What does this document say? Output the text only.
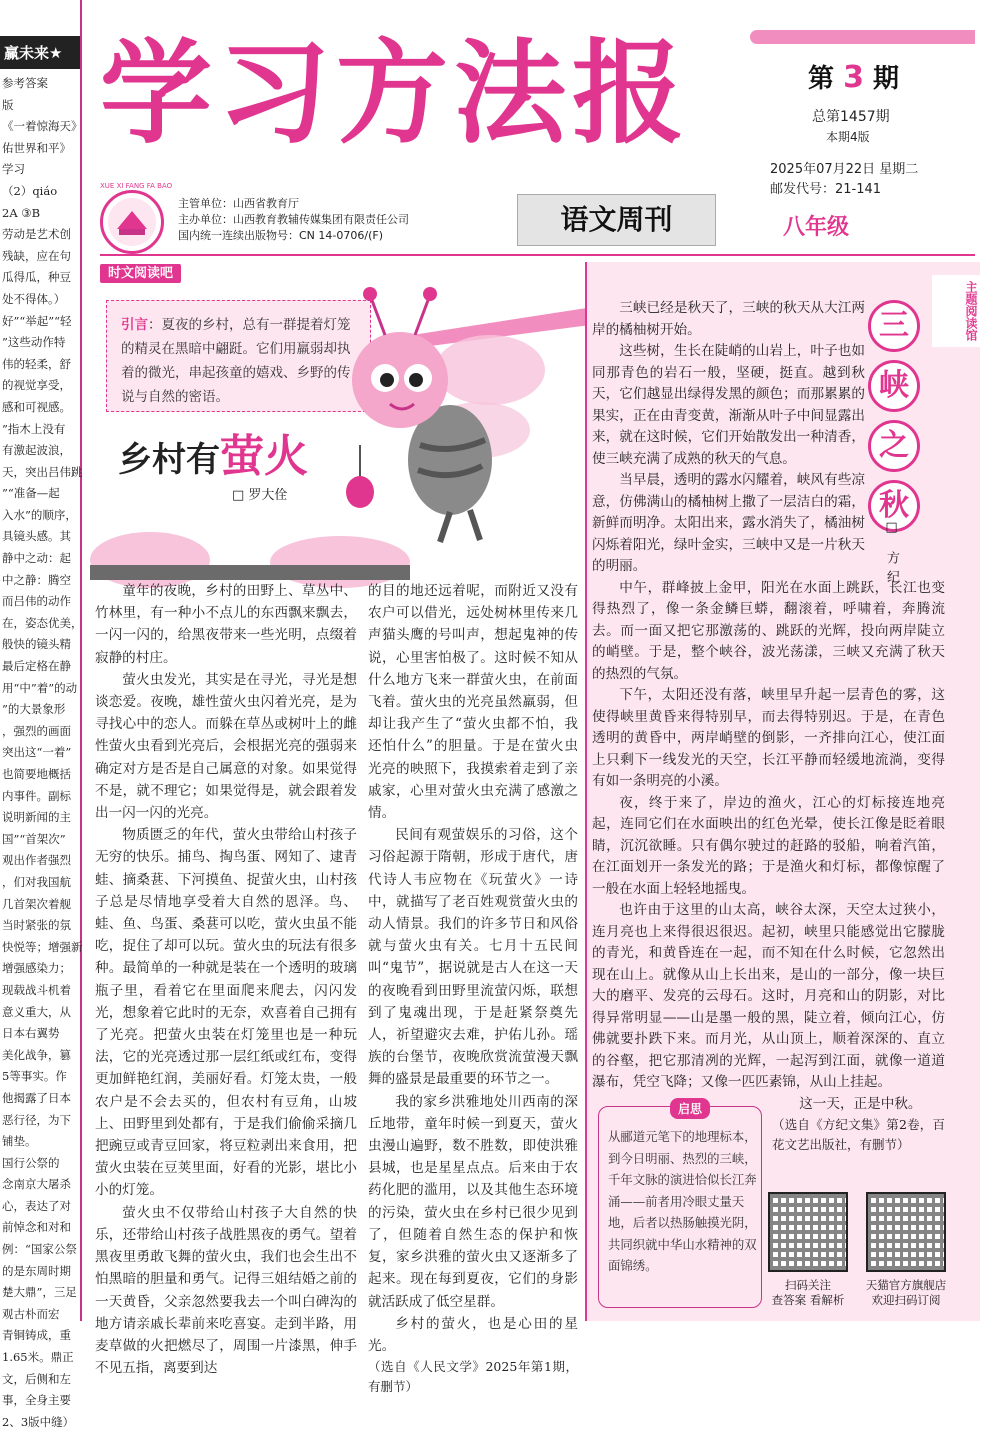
赢未来★
参考答案
版
《一着惊海天》
佑世界和平》
学习
（2）qiáo
2A ③B
劳动是艺术创
残缺，应在句
瓜得瓜，种豆
处不得体。）
好”“举起”“轻
”这些动作特
伟的轻柔，舒
的视觉享受，
感和可视感。
”指木上没有
有激起波浪，
天，突出吕伟跳
”“准备—起
入水”的顺序，
具镜头感。其
静中之动：起
中之静：腾空
而吕伟的动作
在，姿态优美，
般快的镜头精
最后定格在静
用“中”着”的动
”的大景象形
，强烈的画面
突出这“一着”
也简要地概括
内事件。副标
说明新闻的主
国”“首架次”
观出作者强烈
，们对我国航
几首架次着舰
当时紧张的氛
快悦等；增强新
增强感染力；
现载战斗机着
意义重大，从
日本右翼势
美化战争，篡
5等事实。作
他揭露了日本
恶行径，为下
铺垫。
国行公祭的
念南京大屠杀
心，表达了对
前悼念和对和
例：“国家公祭
的是东周时期
楚大鼎”，三足
观古朴而宏
青铜铸成，重
1.65米。鼎正
文，后侧和左
事，全身主要
2、3版中缝）
学习方法报	第 3 期
总第1457期
本期4版
2025年07月22日 星期二
邮发代号：21-141
XUE XI FANG FA BAO
主管单位：山西省教育厅
主办单位：山西教育教辅传媒集团有限责任公司
国内统一连续出版物号：CN 14-0706/(F)	语文周刊	八年级
时文阅读吧
引言：夏夜的乡村，总有一群提着灯笼的精灵在黑暗中翩跹。它们用羸弱却执着的微光，串起孩童的嬉戏、乡野的传说与自然的密语。
乡村有萤火
□ 罗大佺

童年的夜晚，乡村的田野上、草丛中、竹林里，有一种小不点儿的东西飘来飘去，一闪一闪的，给黑夜带来一些光明，点缀着寂静的村庄。

萤火虫发光，其实是在寻光，寻光是想谈恋爱。夜晚，雄性萤火虫闪着光亮，是为寻找心中的恋人。而躲在草丛或树叶上的雌性萤火虫看到光亮后，会根据光亮的强弱来确定对方是否是自己属意的对象。如果觉得不是，就不理它；如果觉得是，就会跟着发出一闪一闪的光亮。

物质匮乏的年代，萤火虫带给山村孩子无穷的快乐。捕鸟、掏鸟蛋、网知了、逮青蛙、摘桑葚、下河摸鱼、捉萤火虫，山村孩子总是尽情地享受着大自然的恩泽。鸟、蛙、鱼、鸟蛋、桑葚可以吃，萤火虫虽不能吃，捉住了却可以玩。萤火虫的玩法有很多种。最简单的一种就是装在一个透明的玻璃瓶子里，看着它在里面爬来爬去，闪闪发光，想象着它此时的无奈，欢喜着自己拥有了光亮。把萤火虫装在灯笼里也是一种玩法，它的光亮透过那一层红纸或红布，变得更加鲜艳红润，美丽好看。灯笼太贵，一般农户是不会去买的，但农村有豆角，山坡上、田野里到处都有，于是我们偷偷采摘几把豌豆或青豆回家，将豆粒剥出来食用，把萤火虫装在豆荚里面，好看的光影，堪比小小的灯笼。

萤火虫不仅带给山村孩子大自然的快乐，还带给山村孩子战胜黑夜的勇气。望着黑夜里勇敢飞舞的萤火虫，我们也会生出不怕黑暗的胆量和勇气。记得三姐结婚之前的一天黄昏，父亲忽然要我去一个叫白碑沟的地方请亲戚长辈前来吃喜宴。走到半路，用麦草做的火把燃尽了，周围一片漆黑，伸手不见五指，离要到达

的目的地还远着呢，而附近又没有农户可以借光，远处树林里传来几声猫头鹰的号叫声，想起鬼神的传说，心里害怕极了。这时候不知从什么地方飞来一群萤火虫，在前面飞着。萤火虫的光亮虽然羸弱，但却让我产生了“萤火虫都不怕，我还怕什么”的胆量。于是在萤火虫光亮的映照下，我摸索着走到了亲戚家，心里对萤火虫充满了感激之情。

民间有观萤娱乐的习俗，这个习俗起源于隋朝，形成于唐代，唐代诗人韦应物在《玩萤火》一诗中，就描写了老百姓观赏萤火虫的动人情景。我们的许多节日和风俗就与萤火虫有关。七月十五民间叫“鬼节”，据说就是古人在这一天的夜晚看到田野里流萤闪烁，联想到了鬼魂出现，于是赶紧祭奠先人，祈望避灾去难，护佑儿孙。瑶族的台堡节，夜晚欣赏流萤漫天飘舞的盛景是最重要的环节之一。

我的家乡洪雅地处川西南的深丘地带，童年时候一到夏天，萤火虫漫山遍野，数不胜数，即使洪雅县城，也是星星点点。后来由于农药化肥的滥用，以及其他生态环境的污染，萤火虫在乡村已很少见到了，但随着自然生态的保护和恢复，家乡洪雅的萤火虫又逐渐多了起来。现在每到夏夜，它们的身影就活跃成了低空星群。

乡村的萤火，也是心田的星光。

（选自《人民文学》2025年第1期，有删节）
主题阅读馆
三
峡
之
秋
□ 方纪

三峡已经是秋天了，三峡的秋天从大江两岸的橘柚树开始。

这些树，生长在陡峭的山岩上，叶子也如同那青色的岩石一般，坚硬，挺直。越到秋天，它们越显出绿得发黑的颜色；而那累累的果实，正在由青变黄，渐渐从叶子中间显露出来，就在这时候，它们开始散发出一种清香，使三峡充满了成熟的秋天的气息。

当早晨，透明的露水闪耀着，峡风有些凉意，仿佛满山的橘柚树上撒了一层洁白的霜，新鲜而明净。太阳出来，露水消失了，橘油树闪烁着阳光，绿叶金实，三峡中又是一片秋天的明丽。

中午，群峰披上金甲，阳光在水面上跳跃，长江也变得热烈了，像一条金鳞巨蟒，翻滚着，呼啸着，奔腾流去。而一面又把它那激荡的、跳跃的光辉，投向两岸陡立的峭壁。于是，整个峡谷，波光荡漾，三峡又充满了秋天的热烈的气氛。

下午，太阳还没有落，峡里早升起一层青色的雾，这使得峡里黄昏来得特别早，而去得特别迟。于是，在青色透明的黄昏中，两岸峭壁的倒影，一齐排向江心，使江面上只剩下一线发光的天空，长江平静而轻缓地流淌，变得有如一条明亮的小溪。

夜，终于来了，岸边的渔火，江心的灯标接连地亮起，连同它们在水面映出的红色光晕，使长江像是眨着眼睛，沉沉欲睡。只有偶尔驶过的赶路的驳船，响着汽笛，在江面划开一条发光的路；于是渔火和灯标，都像惊醒了一般在水面上轻轻地摇曳。

也许由于这里的山太高，峡谷太深，天空太过狭小，连月亮也上来得很迟很迟。起初，峡里只能感觉出它朦胧的青光，和黄昏连在一起，而不知在什么时候，它忽然出现在山上。就像从山上长出来，是山的一部分，像一块巨大的磨平、发亮的云母石。这时，月亮和山的阴影，对比得异常明显——山是墨一般的黑，陡立着，倾向江心，仿佛就要扑跌下来。而月光，从山顶上，顺着深深的、直立的谷壑，把它那清冽的光辉，一起泻到江面，就像一道道瀑布，凭空飞降；又像一匹匹素锦，从山上挂起。

这一天，正是中秋。

（选自《方纪文集》第2卷，百花文艺出版社，有删节）
启思
从郦道元笔下的地理标本，到今日明丽、热烈的三峡，千年文脉的演进恰似长江奔涌——前者用冷眼丈量天地，后者以热肠触摸光阴，共同织就中华山水精神的双面锦绣。
扫码关注
查答案 看解析
天猫官方旗舰店
欢迎扫码订阅
